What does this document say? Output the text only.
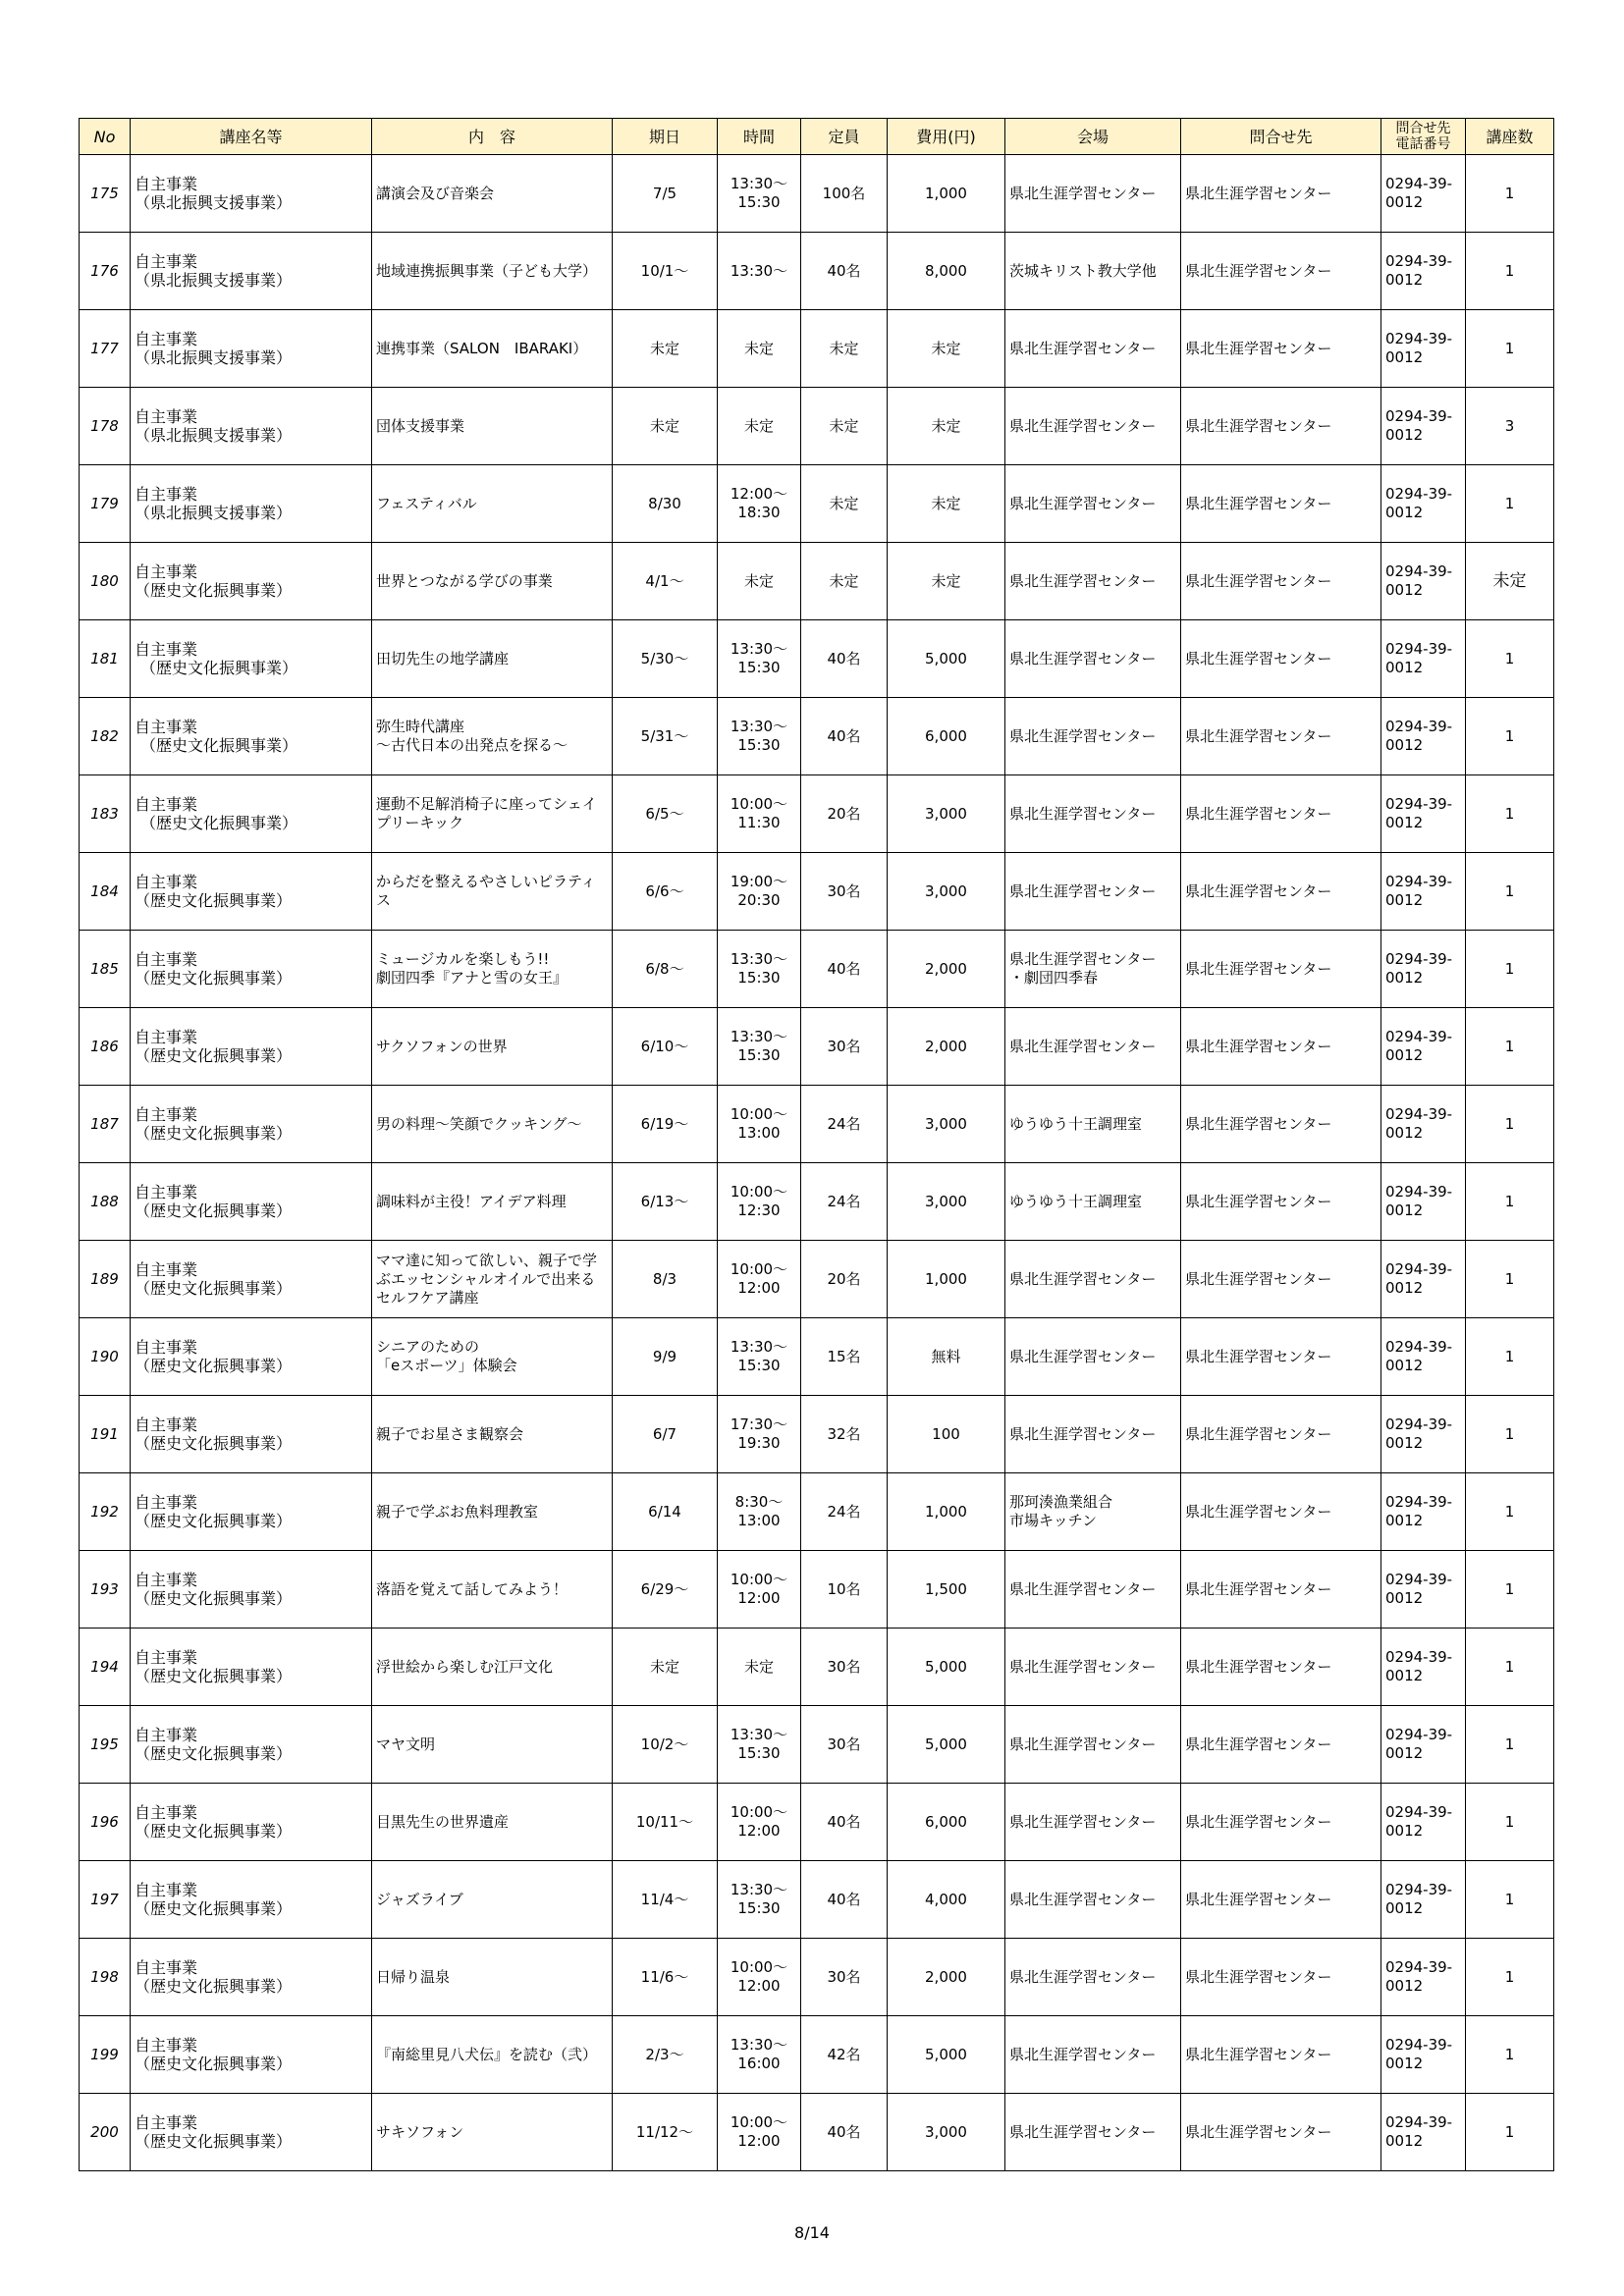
No	講座名等	内　容	期日	時間	定員	費用(円)	会場	問合せ先	問合せ先
電話番号	講座数
175	自主事業
（県北振興支援事業）	講演会及び音楽会	7/5	13:30～
15:30	100名	1,000	県北生涯学習センター	県北生涯学習センター	0294-39-0012	1
176	自主事業
（県北振興支援事業）	地域連携振興事業（子ども大学）	10/1～	13:30～	40名	8,000	茨城キリスト教大学他	県北生涯学習センター	0294-39-0012	1
177	自主事業
（県北振興支援事業）	連携事業（SALON　IBARAKI）	未定	未定	未定	未定	県北生涯学習センター	県北生涯学習センター	0294-39-0012	1
178	自主事業
（県北振興支援事業）	団体支援事業	未定	未定	未定	未定	県北生涯学習センター	県北生涯学習センター	0294-39-0012	3
179	自主事業
（県北振興支援事業）	フェスティバル	8/30	12:00～
18:30	未定	未定	県北生涯学習センター	県北生涯学習センター	0294-39-0012	1
180	自主事業
（歴史文化振興事業）	世界とつながる学びの事業	4/1～	未定	未定	未定	県北生涯学習センター	県北生涯学習センター	0294-39-0012	未定
181	自主事業
（歴史文化振興事業）	田切先生の地学講座	5/30～	13:30～
15:30	40名	5,000	県北生涯学習センター	県北生涯学習センター	0294-39-0012	1
182	自主事業
（歴史文化振興事業）	弥生時代講座
～古代日本の出発点を探る～	5/31～	13:30～
15:30	40名	6,000	県北生涯学習センター	県北生涯学習センター	0294-39-0012	1
183	自主事業
（歴史文化振興事業）	運動不足解消椅子に座ってシェイプリーキック	6/5～	10:00～
11:30	20名	3,000	県北生涯学習センター	県北生涯学習センター	0294-39-0012	1
184	自主事業
（歴史文化振興事業）	からだを整えるやさしいピラティス	6/6～	19:00～
20:30	30名	3,000	県北生涯学習センター	県北生涯学習センター	0294-39-0012	1
185	自主事業
（歴史文化振興事業）	ミュージカルを楽しもう!!
劇団四季『アナと雪の女王』	6/8～	13:30～
15:30	40名	2,000	県北生涯学習センター
・劇団四季春	県北生涯学習センター	0294-39-0012	1
186	自主事業
（歴史文化振興事業）	サクソフォンの世界	6/10～	13:30～
15:30	30名	2,000	県北生涯学習センター	県北生涯学習センター	0294-39-0012	1
187	自主事業
（歴史文化振興事業）	男の料理～笑顔でクッキング～	6/19～	10:00～
13:00	24名	3,000	ゆうゆう十王調理室	県北生涯学習センター	0294-39-0012	1
188	自主事業
（歴史文化振興事業）	調味料が主役！アイデア料理	6/13～	10:00～
12:30	24名	3,000	ゆうゆう十王調理室	県北生涯学習センター	0294-39-0012	1
189	自主事業
（歴史文化振興事業）	ママ達に知って欲しい、親子で学ぶエッセンシャルオイルで出来るセルフケア講座	8/3	10:00～
12:00	20名	1,000	県北生涯学習センター	県北生涯学習センター	0294-39-0012	1
190	自主事業
（歴史文化振興事業）	シニアのための
「eスポーツ」体験会	9/9	13:30～
15:30	15名	無料	県北生涯学習センター	県北生涯学習センター	0294-39-0012	1
191	自主事業
（歴史文化振興事業）	親子でお星さま観察会	6/7	17:30～
19:30	32名	100	県北生涯学習センター	県北生涯学習センター	0294-39-0012	1
192	自主事業
（歴史文化振興事業）	親子で学ぶお魚料理教室	6/14	8:30～
13:00	24名	1,000	那珂湊漁業組合
市場キッチン	県北生涯学習センター	0294-39-0012	1
193	自主事業
（歴史文化振興事業）	落語を覚えて話してみよう！	6/29～	10:00～
12:00	10名	1,500	県北生涯学習センター	県北生涯学習センター	0294-39-0012	1
194	自主事業
（歴史文化振興事業）	浮世絵から楽しむ江戸文化	未定	未定	30名	5,000	県北生涯学習センター	県北生涯学習センター	0294-39-0012	1
195	自主事業
（歴史文化振興事業）	マヤ文明	10/2～	13:30～
15:30	30名	5,000	県北生涯学習センター	県北生涯学習センター	0294-39-0012	1
196	自主事業
（歴史文化振興事業）	目黒先生の世界遺産	10/11～	10:00～
12:00	40名	6,000	県北生涯学習センター	県北生涯学習センター	0294-39-0012	1
197	自主事業
（歴史文化振興事業）	ジャズライブ	11/4～	13:30～
15:30	40名	4,000	県北生涯学習センター	県北生涯学習センター	0294-39-0012	1
198	自主事業
（歴史文化振興事業）	日帰り温泉	11/6～	10:00～
12:00	30名	2,000	県北生涯学習センター	県北生涯学習センター	0294-39-0012	1
199	自主事業
（歴史文化振興事業）	『南総里見八犬伝』を読む（弐）	2/3～	13:30～
16:00	42名	5,000	県北生涯学習センター	県北生涯学習センター	0294-39-0012	1
200	自主事業
（歴史文化振興事業）	サキソフォン	11/12～	10:00～
12:00	40名	3,000	県北生涯学習センター	県北生涯学習センター	0294-39-0012	1
8/14
